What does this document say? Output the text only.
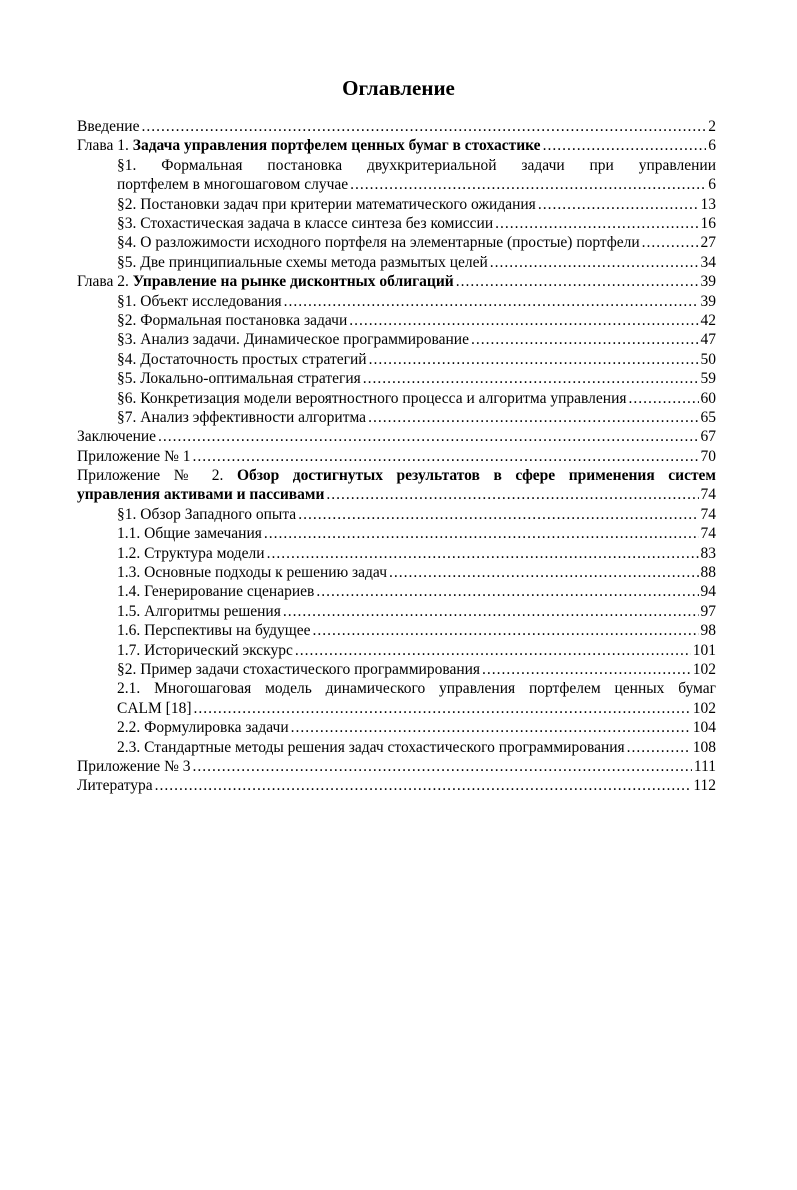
Оглавление
Введение .....	2
Глава 1. Задача управления портфелем ценных бумаг в стохастике .....	6
§1. Формальная постановка двухкритериальной задачи при управлении
портфелем в многошаговом случае .....	6
§2. Постановки задач при критерии математического ожидания .....	13
§3. Стохастическая задача в классе синтеза без комиссии .....	16
§4. О разложимости исходного портфеля на элементарные (простые) портфели .....	27
§5. Две принципиальные схемы метода размытых целей .....	34
Глава 2. Управление на рынке дисконтных облигаций .....	39
§1. Объект исследования .....	39
§2. Формальная постановка задачи .....	42
§3. Анализ задачи. Динамическое программирование .....	47
§4. Достаточность простых стратегий .....	50
§5. Локально-оптимальная стратегия .....	59
§6. Конкретизация модели вероятностного процесса и алгоритма управления .....	60
§7. Анализ эффективности алгоритма .....	65
Заключение .....	67
Приложение № 1 .....	70
Приложение № 2. Обзор достигнутых результатов в сфере применения систем
управления активами и пассивами .....	74
§1. Обзор Западного опыта .....	74
1.1. Общие замечания .....	74
1.2. Структура модели .....	83
1.3. Основные подходы к решению задач .....	88
1.4. Генерирование сценариев .....	94
1.5. Алгоритмы решения .....	97
1.6. Перспективы на будущее .....	98
1.7. Исторический экскурс .....	101
§2. Пример задачи стохастического программирования .....	102
2.1. Многошаговая модель динамического управления портфелем ценных бумаг
CALM [18] .....	102
2.2. Формулировка задачи .....	104
2.3. Стандартные методы решения задач стохастического программирования .....	108
Приложение № 3 .....	111
Литература .....	112
